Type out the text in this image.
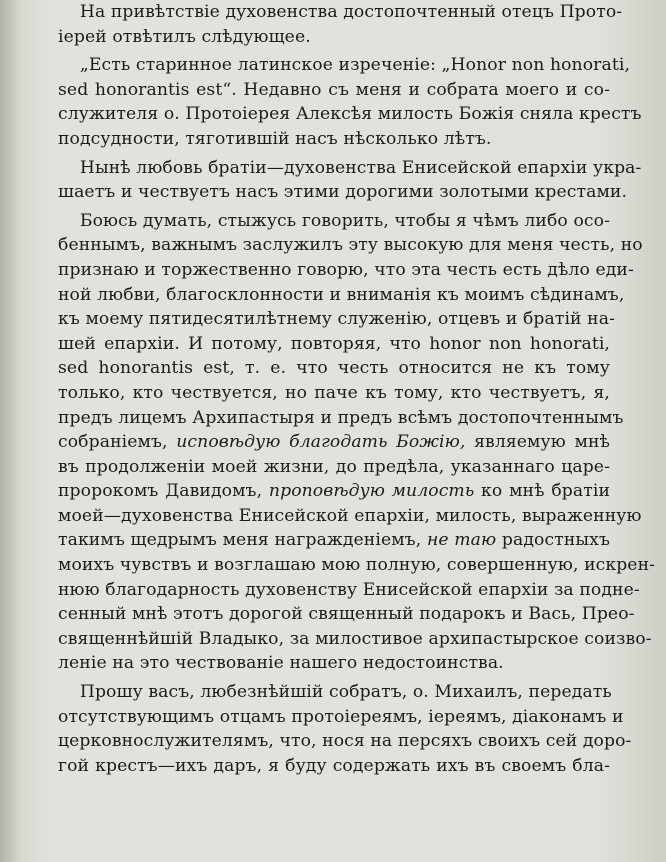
На привѣтствіе духовенства достопочтенный отецъ Прото-
іерей отвѣтилъ слѣдующее.
„Есть старинное латинское изреченіе: „Honor non honorati,
sed honorantis est“. Недавно съ меня и собрата моего и со-
служителя о. Протоіерея Алексѣя милость Божія сняла крестъ
подсудности, тяготившій насъ нѣсколько лѣтъ.
Нынѣ любовь братіи—духовенства Енисейской епархіи укра-
шаетъ и чествуетъ насъ этими дорогими золотыми крестами.
Боюсь думать, стыжусь говорить, чтобы я чѣмъ либо осо-
беннымъ, важнымъ заслужилъ эту высокую для меня честь, но
признаю и торжественно говорю, что эта честь есть дѣло еди-
ной любви, благосклонности и вниманія къ моимъ сѣдинамъ,
къ моему пятидесятилѣтнему служенію, отцевъ и братій на-
шей епархіи. И потому, повторяя, что honor non honorati,
sed honorantis est, т. е. что честь относится не къ тому
только, кто чествуется, но паче къ тому, кто чествуетъ, я,
предъ лицемъ Архипастыря и предъ всѣмъ достопочтеннымъ
собраніемъ, исповѣдую благодать Божію, являемую мнѣ
въ продолженіи моей жизни, до предѣла, указаннаго царе-
пророкомъ Давидомъ, проповѣдую милость ко мнѣ братіи
моей—духовенства Енисейской епархіи, милость, выраженную
такимъ щедрымъ меня награжденіемъ, не таю радостныхъ
моихъ чувствъ и возглашаю мою полную, совершенную, искрен-
нюю благодарность духовенству Енисейской епархіи за подне-
сенный мнѣ этотъ дорогой священный подарокъ и Вась, Прео-
священнѣйшій Владыко, за милостивое архипастырское соизво-
леніе на это чествованіе нашего недостоинства.
Прошу васъ, любезнѣйшій собратъ, о. Михаилъ, передать
отсутствующимъ отцамъ протоіереямъ, іереямъ, діаконамъ и
церковнослужителямъ, что, нося на персяхъ своихъ сей доро-
гой крестъ—ихъ даръ, я буду содержать ихъ въ своемъ бла-
